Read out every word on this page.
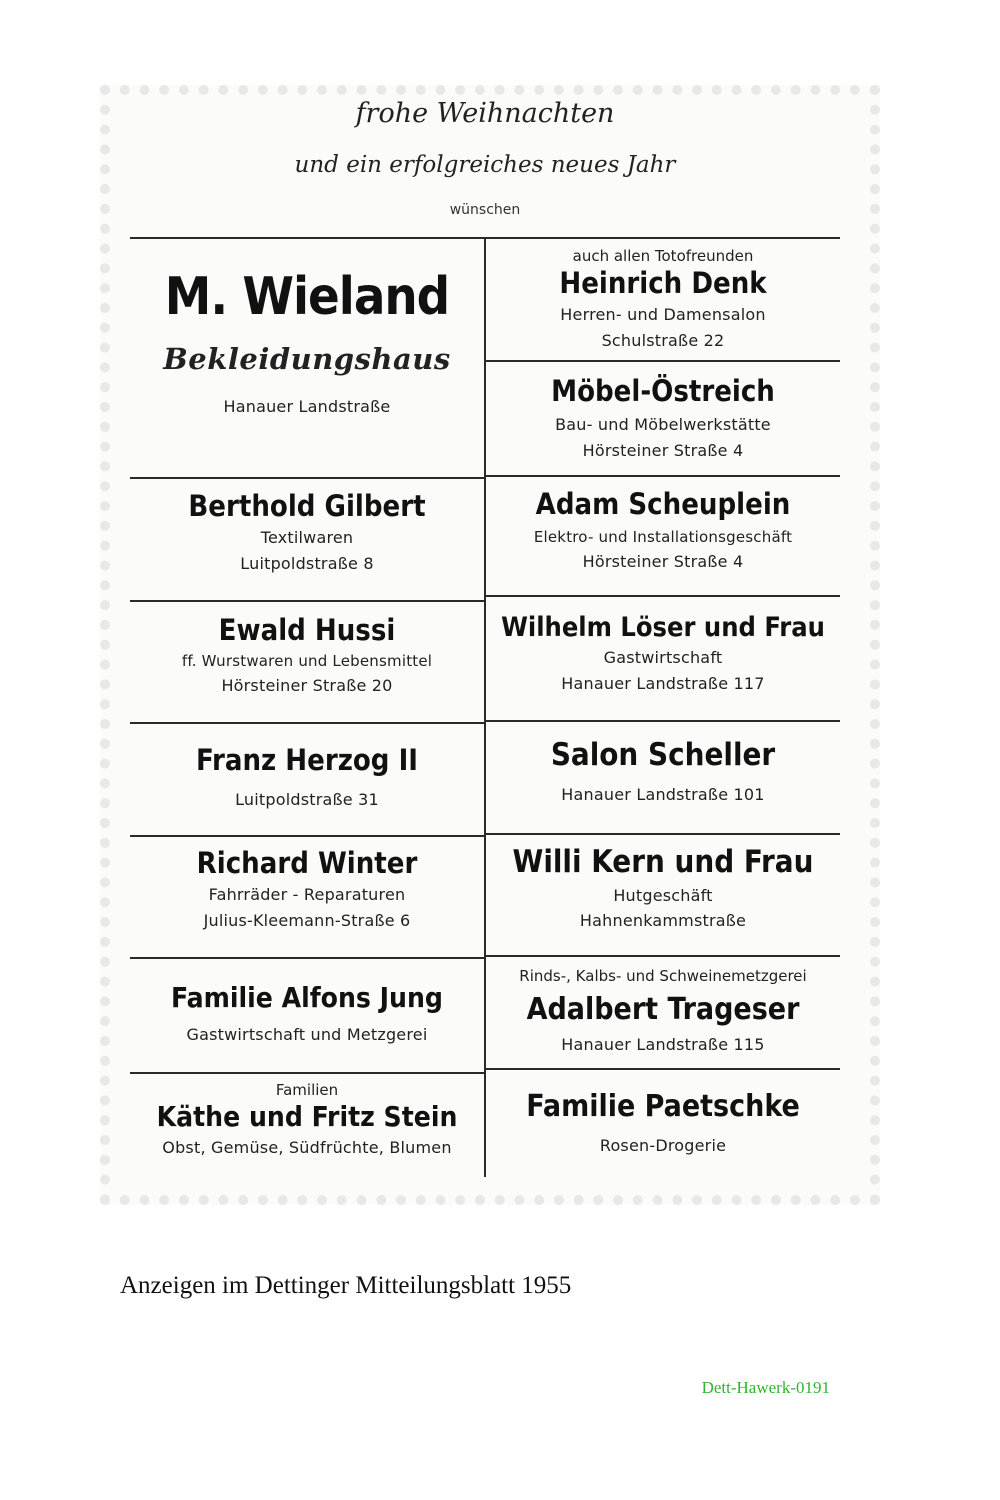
frohe Weihnachten
und ein erfolgreiches neues Jahr
wünschen
M. Wieland
Bekleidungshaus
Hanauer Landstraße
Berthold Gilbert
Textilwaren
Luitpoldstraße 8
Ewald Hussi
ff. Wurstwaren und Lebensmittel
Hörsteiner Straße 20
Franz Herzog II
Luitpoldstraße 31
Richard Winter
Fahrräder - Reparaturen
Julius-Kleemann-Straße 6
Familie Alfons Jung
Gastwirtschaft und Metzgerei
Familien
Käthe und Fritz Stein
Obst, Gemüse, Südfrüchte, Blumen
auch allen Totofreunden
Heinrich Denk
Herren- und Damensalon
Schulstraße 22
Möbel-Östreich
Bau- und Möbelwerkstätte
Hörsteiner Straße 4
Adam Scheuplein
Elektro- und Installationsgeschäft
Hörsteiner Straße 4
Wilhelm Löser und Frau
Gastwirtschaft
Hanauer Landstraße 117
Salon Scheller
Hanauer Landstraße 101
Willi Kern und Frau
Hutgeschäft
Hahnenkammstraße
Rinds-, Kalbs- und Schweinemetzgerei
Adalbert Trageser
Hanauer Landstraße 115
Familie Paetschke
Rosen-Drogerie
Anzeigen im Dettinger Mitteilungsblatt 1955
Dett-Hawerk-0191
